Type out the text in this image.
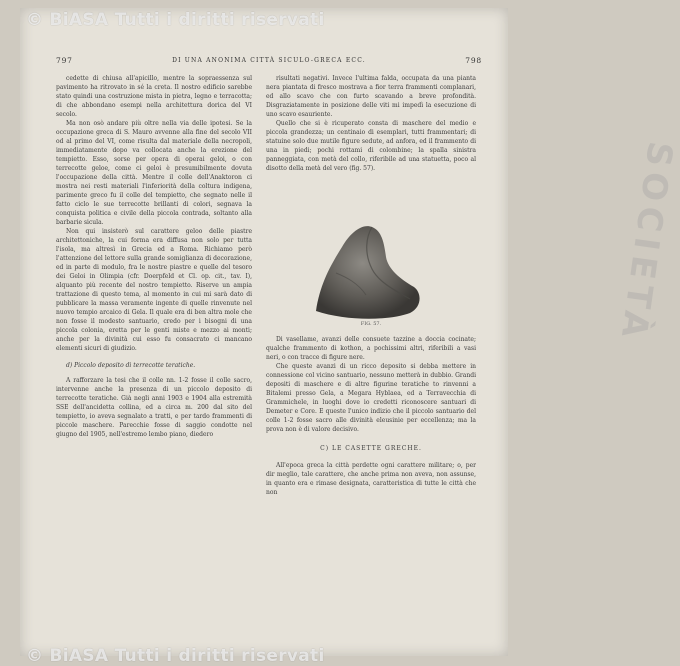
SOCIETÀ
© BiASA Tutti i diritti riservati
797	DI UNA ANONIMA CITTÀ SICULO-GRECA ECC.	798

cedette di chiusa all'apicillo, mentre la sopraessenza sul pavimento ha ritrovato in sé la creta. Il nostro edificio sarebbe stato quindi una costruzione mista in pietra, legno e terracotta; di che abbondano esempi nella architettura dorica del VI secolo.

Ma non osò andare più oltre nella via delle ipotesi. Se la occupazione greca di S. Mauro avvenne alla fine del secolo VII od al primo del VI, come risulta dal materiale della necropoli, immediatamente dopo va collocata anche la erezione del tempietto. Esso, sorse per opera di operai geloi, o con terrecotte geloe, come ci geloi è presumibilmente dovuta l'occupazione della città. Mentre il colle dell'Anaktoron ci mostra nei resti materiali l'inferiorità della coltura indigena, parimente greco fu il colle del tempietto, che segnato nelle il fatto ciclo le sue terrecotte brillanti di colori, segnava la conquista politica e civile della piccola contrada, soltanto alla barbarie sicula.

Non qui insisterò sul carattere geloo delle piastre architettoniche, la cui forma era diffusa non solo per tutta l'isola, ma altresì in Grecia ed a Roma. Richiamo però l'attenzione del lettore sulla grande somiglianza di decorazione, ed in parte di modulo, fra le nostre piastre e quelle del tesoro dei Geloi in Olimpia (cfr. Doerpfeld et Cl. op. cit., tav. I), alquanto più recente del nostro tempietto. Riserve un ampia trattazione di questo tema, al momento in cui mi sarà dato di pubblicare la massa veramente ingente di quelle rinvenute nel nuovo tempio arcaico di Gela. Il quale era di ben altra mole che non fosse il modesto santuario, credo per i bisogni di una piccola colonia, eretta per le genti miste e mezzo ai monti; anche per la divinità cui esso fu consacrato ci mancano elementi sicuri di giudizio.

d) Piccolo deposito di terrecotte teratiche.

A rafforzare la tesi che il colle nn. 1-2 fosse il colle sacro, intervenne anche la presenza di un piccolo deposito di terrecotte teratiche. Già negli anni 1903 e 1904 alla estremità SSE dell'ancidetta collina, ed a circa m. 200 dal sito del tempietto, io aveva segnalato a tratti, e per tardo frammenti di piccole maschere. Parecchie fosse di saggio condotte nel giugno del 1905, nell'estremo lembo piano, diedero

risultati negativi. Invece l'ultima falda, occupata da una pianta nera piantata di fresco mostrava a fior terra frammenti complanari, ed allo scavo che con furto scavando a breve profondità. Disgraziatamente in posizione delle viti mi impedì la esecuzione di uno scavo esauriente.

Quello che si è ricuperato consta di maschere del medio e piccola grandezza; un centinaio di esemplari, tutti frammentari; di statuine solo due mutile figure sedute, ad anfora, ed il frammento di una in piedi; pochi rottami di colombine; la spalla sinistra panneggiata, con metà del collo, riferibile ad una statuetta, poco al disotto della metà del vero (fig. 57).

FIG. 57.

Di vasellame, avanzi delle consuete tazzine a doccia cocinate; qualche frammento di kothon, a pochissimi altri, riferibili a vasi neri, o con tracce di figure nere.

Che queste avanzi di un ricco deposito si debba mettere in connessione col vicino santuario, nessuno metterà in dubbio. Grandi depositi di maschere e di altre figurine teratiche to rinvenni a Bitalemi presso Gela, a Megara Hyblaea, ed a Terravecchia di Grammichele, in luoghi dove io credetti riconoscere santuari di Demeter e Core. E queste l'unico indizio che il piccolo santuario del colle 1-2 fosse sacro alle divinità eleusinie per eccellenza; ma la prova non è di valore decisivo.

C) LE CASETTE GRECHE.

All'epoca greca la città perdette ogni carattere militare; o, per dir meglio, tale carattere, che anche prima non aveva, non assunse, in quanto era e rimase designata, caratteristica di tutte le città che non

© BiASA Tutti i diritti riservati
